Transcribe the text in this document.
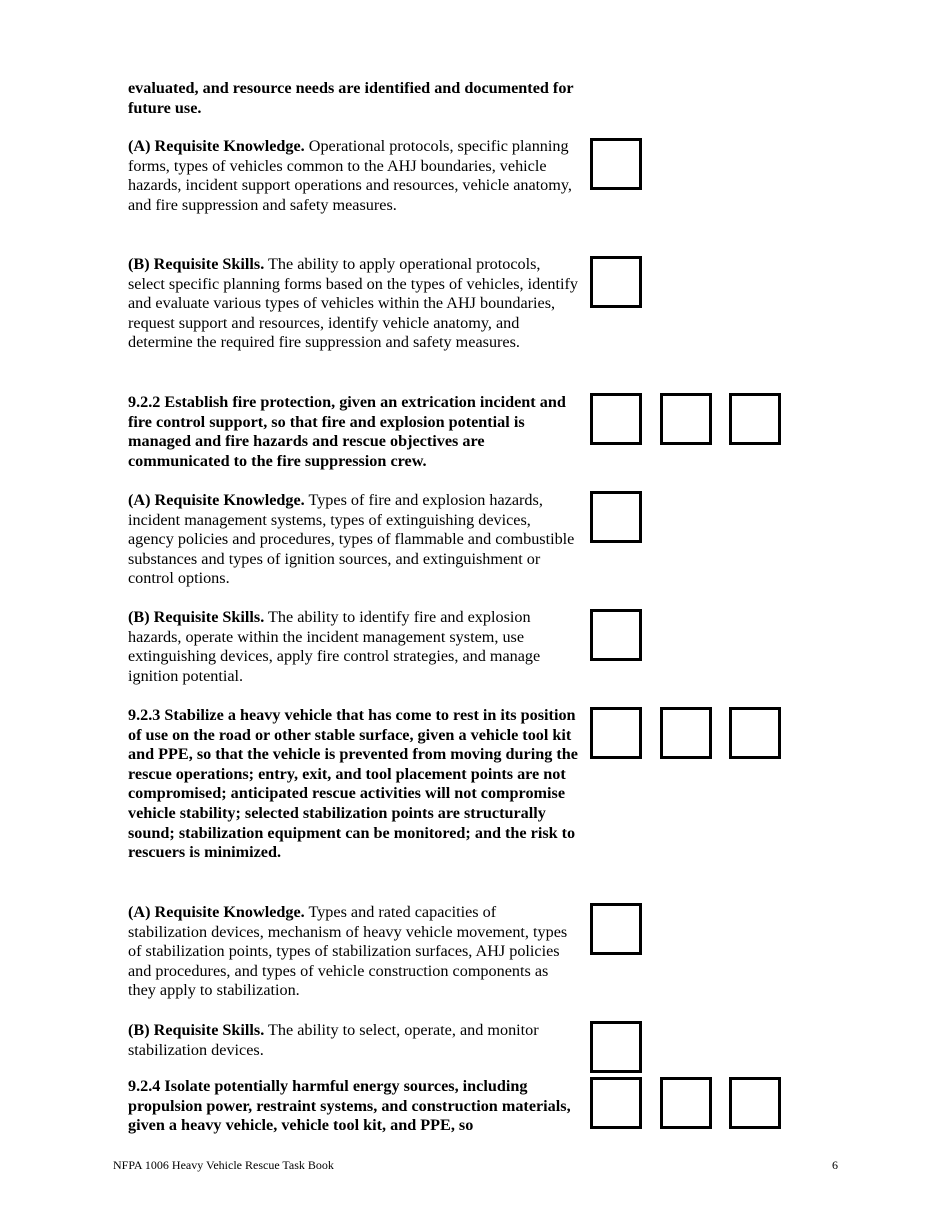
evaluated, and resource needs are identified and documented for future use.
(A) Requisite Knowledge. Operational protocols, specific planning forms, types of vehicles common to the AHJ boundaries, vehicle hazards, incident support operations and resources, vehicle anatomy, and fire suppression and safety measures.
(B) Requisite Skills. The ability to apply operational protocols, select specific planning forms based on the types of vehicles, identify and evaluate various types of vehicles within the AHJ boundaries, request support and resources, identify vehicle anatomy, and determine the required fire suppression and safety measures.
9.2.2 Establish fire protection, given an extrication incident and fire control support, so that fire and explosion potential is managed and fire hazards and rescue objectives are communicated to the fire suppression crew.
(A) Requisite Knowledge. Types of fire and explosion hazards, incident management systems, types of extinguishing devices, agency policies and procedures, types of flammable and combustible substances and types of ignition sources, and extinguishment or control options.
(B) Requisite Skills. The ability to identify fire and explosion hazards, operate within the incident management system, use extinguishing devices, apply fire control strategies, and manage ignition potential.
9.2.3 Stabilize a heavy vehicle that has come to rest in its position of use on the road or other stable surface, given a vehicle tool kit and PPE, so that the vehicle is prevented from moving during the rescue operations; entry, exit, and tool placement points are not compromised; anticipated rescue activities will not compromise vehicle stability; selected stabilization points are structurally sound; stabilization equipment can be monitored; and the risk to rescuers is minimized.
(A) Requisite Knowledge. Types and rated capacities of stabilization devices, mechanism of heavy vehicle movement, types of stabilization points, types of stabilization surfaces, AHJ policies and procedures, and types of vehicle construction components as they apply to stabilization.
(B) Requisite Skills. The ability to select, operate, and monitor stabilization devices.
9.2.4 Isolate potentially harmful energy sources, including propulsion power, restraint systems, and construction materials, given a heavy vehicle, vehicle tool kit, and PPE, so
NFPA 1006 Heavy Vehicle Rescue Task Book	6
